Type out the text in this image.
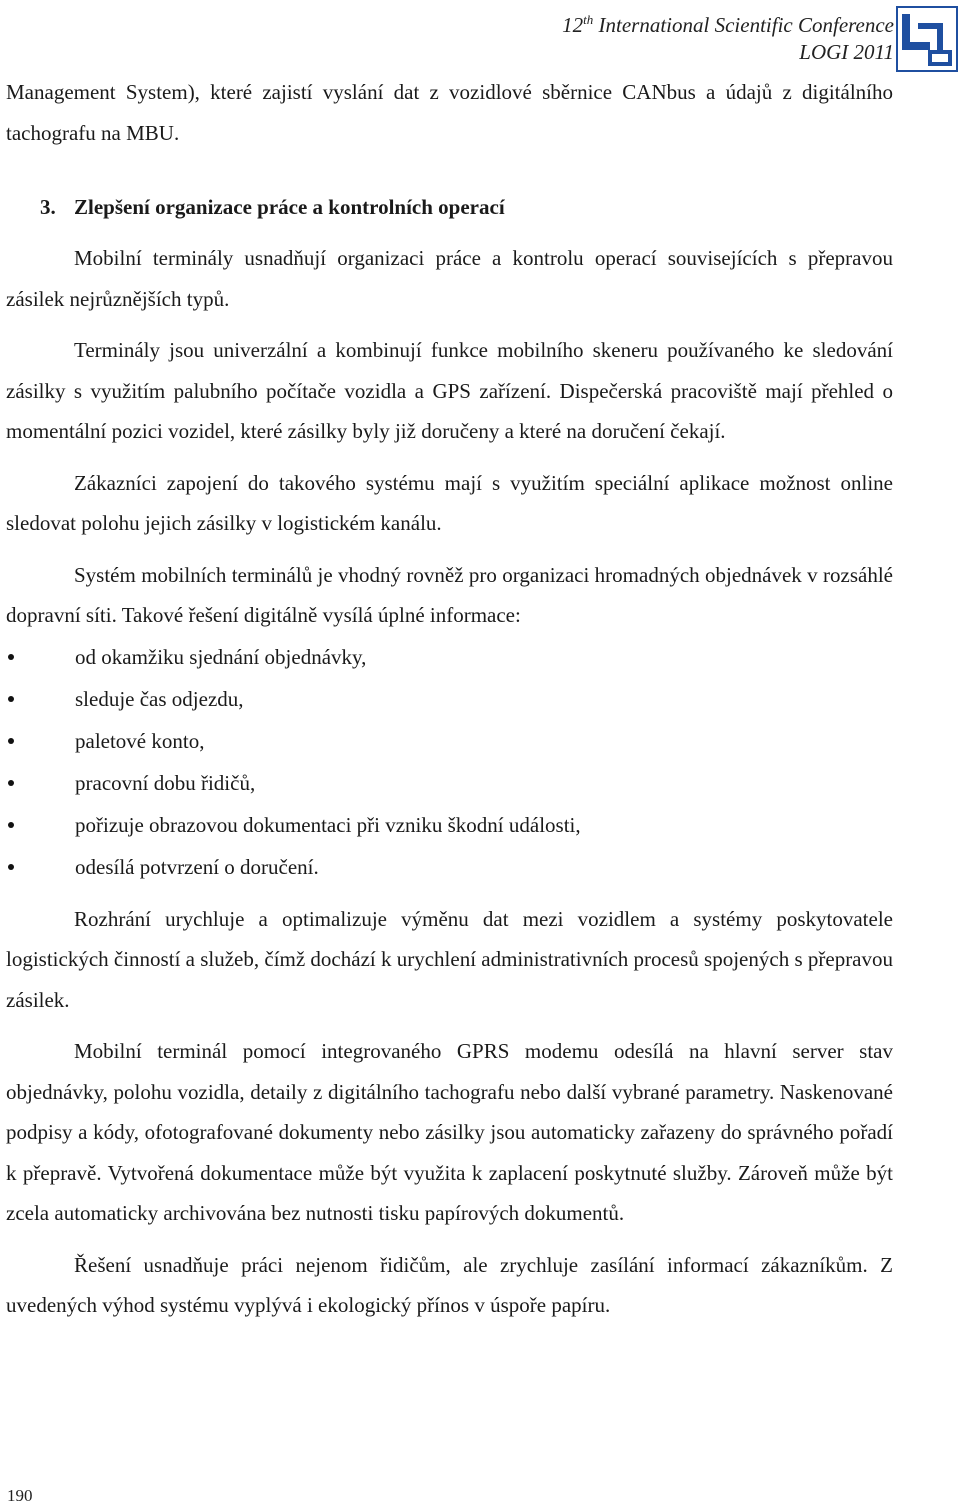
12th International Scientific Conference
LOGI 2011

Management System), které zajistí vyslání dat z vozidlové sběrnice CANbus a údajů z digitálního tachografu na MBU.

3. Zlepšení organizace práce a kontrolních operací

Mobilní terminály usnadňují organizaci práce a kontrolu operací souvisejících s přepravou zásilek nejrůznějších typů.

Terminály jsou univerzální a kombinují funkce mobilního skeneru používaného ke sledování zásilky s využitím palubního počítače vozidla a GPS zařízení. Dispečerská pracoviště mají přehled o momentální pozici vozidel, které zásilky byly již doručeny a které na doručení čekají.

Zákazníci zapojení do takového systému mají s využitím speciální aplikace možnost online sledovat polohu jejich zásilky v logistickém kanálu.

Systém mobilních terminálů je vhodný rovněž pro organizaci hromadných objednávek v rozsáhlé dopravní síti. Takové řešení digitálně vysílá úplné informace:

od okamžiku sjednání objednávky,
sleduje čas odjezdu,
paletové konto,
pracovní dobu řidičů,
pořizuje obrazovou dokumentaci při vzniku škodní události,
odesílá potvrzení o doručení.

Rozhrání urychluje a optimalizuje výměnu dat mezi vozidlem a systémy poskytovatele logistických činností a služeb, čímž dochází k urychlení administrativních procesů spojených s přepravou zásilek.

Mobilní terminál pomocí integrovaného GPRS modemu odesílá na hlavní server stav objednávky, polohu vozidla, detaily z digitálního tachografu nebo další vybrané parametry. Naskenované podpisy a kódy, ofotografované dokumenty nebo zásilky jsou automaticky zařazeny do správného pořadí k přepravě. Vytvořená dokumentace může být využita k zaplacení poskytnuté služby. Zároveň může být zcela automaticky archivována bez nutnosti tisku papírových dokumentů.

Řešení usnadňuje práci nejenom řidičům, ale zrychluje zasílání informací zákazníkům. Z uvedených výhod systému vyplývá i ekologický přínos v úspoře papíru.

190
